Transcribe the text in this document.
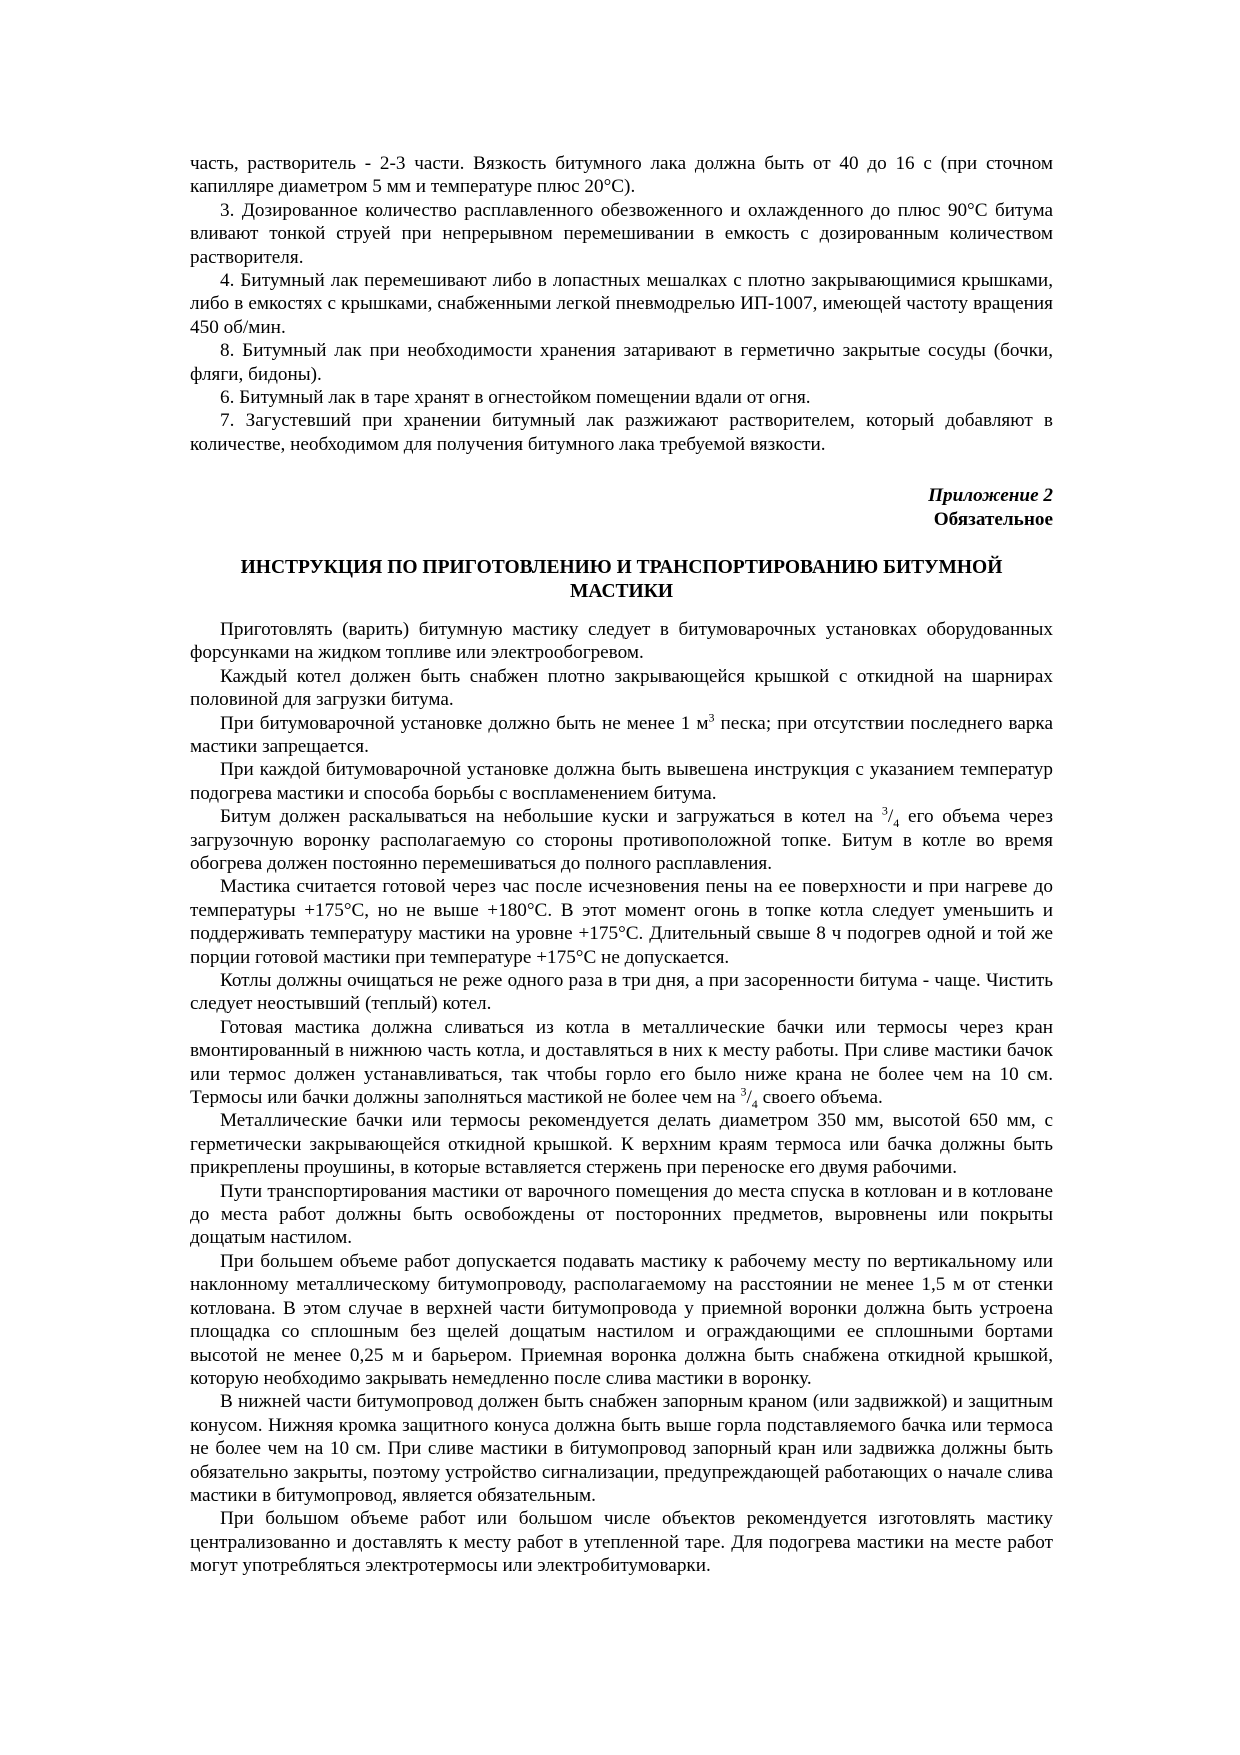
часть, растворитель - 2-3 части. Вязкость битумного лака должна быть от 40 до 16 с (при сточном капилляре диаметром 5 мм и температуре плюс 20°С).

3. Дозированное количество расплавленного обезвоженного и охлажденного до плюс 90°С битума вливают тонкой струей при непрерывном перемешивании в емкость с дозированным количеством растворителя.

4. Битумный лак перемешивают либо в лопастных мешалках с плотно закрывающимися крышками, либо в емкостях с крышками, снабженными легкой пневмодрелью ИП-1007, имеющей частоту вращения 450 об/мин.

8. Битумный лак при необходимости хранения затаривают в герметично закрытые сосуды (бочки, фляги, бидоны).

6. Битумный лак в таре хранят в огнестойком помещении вдали от огня.

7. Загустевший при хранении битумный лак разжижают растворителем, который добавляют в количестве, необходимом для получения битумного лака требуемой вязкости.

Приложение 2
Обязательное
ИНСТРУКЦИЯ ПО ПРИГОТОВЛЕНИЮ И ТРАНСПОРТИРОВАНИЮ БИТУМНОЙ МАСТИКИ

Приготовлять (варить) битумную мастику следует в битумоварочных установках оборудованных форсунками на жидком топливе или электрообогревом.

Каждый котел должен быть снабжен плотно закрывающейся крышкой с откидной на шарнирах половиной для загрузки битума.

При битумоварочной установке должно быть не менее 1 $м^3$ песка; при отсутствии последнего варка мастики запрещается.

При каждой битумоварочной установке должна быть вывешена инструкция с указанием температур подогрева мастики и способа борьбы с воспламенением битума.

Битум должен раскалываться на небольшие куски и загружаться в котел на $^3/_4$ его объема через загрузочную воронку располагаемую со стороны противоположной топке. Битум в котле во время обогрева должен постоянно перемешиваться до полного расплавления.

Мастика считается готовой через час после исчезновения пены на ее поверхности и при нагреве до температуры +175°С, но не выше +180°С. В этот момент огонь в топке котла следует уменьшить и поддерживать температуру мастики на уровне +175°С. Длительный свыше 8 ч подогрев одной и той же порции готовой мастики при температуре +175°С не допускается.

Котлы должны очищаться не реже одного раза в три дня, а при засоренности битума - чаще. Чистить следует неостывший (теплый) котел.

Готовая мастика должна сливаться из котла в металлические бачки или термосы через кран вмонтированный в нижнюю часть котла, и доставляться в них к месту работы. При сливе мастики бачок или термос должен устанавливаться, так чтобы горло его было ниже крана не более чем на 10 см. Термосы или бачки должны заполняться мастикой не более чем на $^3/_4$ своего объема.

Металлические бачки или термосы рекомендуется делать диаметром 350 мм, высотой 650 мм, с герметически закрывающейся откидной крышкой. К верхним краям термоса или бачка должны быть прикреплены проушины, в которые вставляется стержень при переноске его двумя рабочими.

Пути транспортирования мастики от варочного помещения до места спуска в котлован и в котловане до места работ должны быть освобождены от посторонних предметов, выровнены или покрыты дощатым настилом.

При большем объеме работ допускается подавать мастику к рабочему месту по вертикальному или наклонному металлическому битумопроводу, располагаемому на расстоянии не менее 1,5 м от стенки котлована. В этом случае в верхней части битумопровода у приемной воронки должна быть устроена площадка со сплошным без щелей дощатым настилом и ограждающими ее сплошными бортами высотой не менее 0,25 м и барьером. Приемная воронка должна быть снабжена откидной крышкой, которую необходимо закрывать немедленно после слива мастики в воронку.

В нижней части битумопровод должен быть снабжен запорным краном (или задвижкой) и защитным конусом. Нижняя кромка защитного конуса должна быть выше горла подставляемого бачка или термоса не более чем на 10 см. При сливе мастики в битумопровод запорный кран или задвижка должны быть обязательно закрыты, поэтому устройство сигнализации, предупреждающей работающих о начале слива мастики в битумопровод, является обязательным.

При большом объеме работ или большом числе объектов рекомендуется изготовлять мастику централизованно и доставлять к месту работ в утепленной таре. Для подогрева мастики на месте работ могут употребляться электротермосы или электробитумоварки.
